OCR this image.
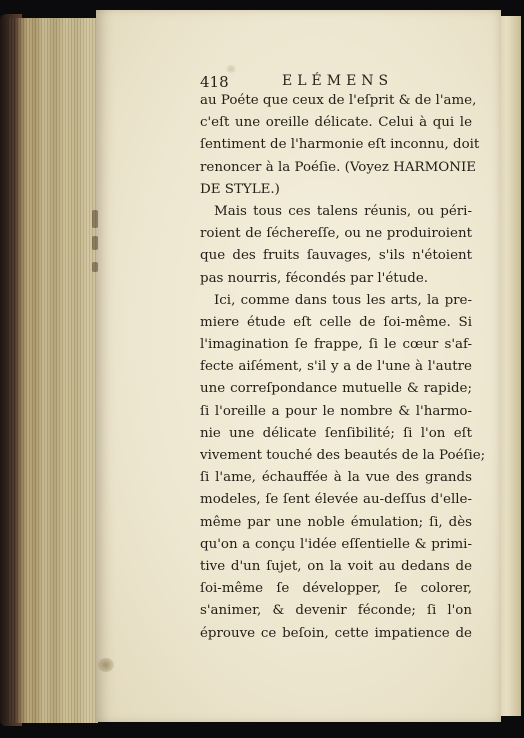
418	ELÉMENS
au Poéte que ceux de l'eſprit & de l'ame,
c'eſt une oreille délicate. Celui à qui le
ſentiment de l'harmonie eſt inconnu, doit
renoncer à la Poéſie. (Voyez HARMONIE
DE STYLE.)
Mais tous ces talens réunis, ou péri-
roient de ſéchereſſe, ou ne produiroient
que des fruits ſauvages, s'ils n'étoient
pas nourris, fécondés par l'étude.
Ici, comme dans tous les arts, la pre-
miere étude eſt celle de ſoi-même. Si
l'imagination ſe frappe, ſi le cœur s'af-
fecte aiſément, s'il y a de l'une à l'autre
une correſpondance mutuelle & rapide;
ſi l'oreille a pour le nombre & l'harmo-
nie une délicate ſenſibilité; ſi l'on eſt
vivement touché des beautés de la Poéſie;
ſi l'ame, échauffée à la vue des grands
modeles, ſe ſent élevée au-deſſus d'elle-
même par une noble émulation; ſi, dès
qu'on a conçu l'idée eſſentielle & primi-
tive d'un ſujet, on la voit au dedans de
ſoi-même ſe développer, ſe colorer,
s'animer, & devenir féconde; ſi l'on
éprouve ce beſoin, cette impatience de
